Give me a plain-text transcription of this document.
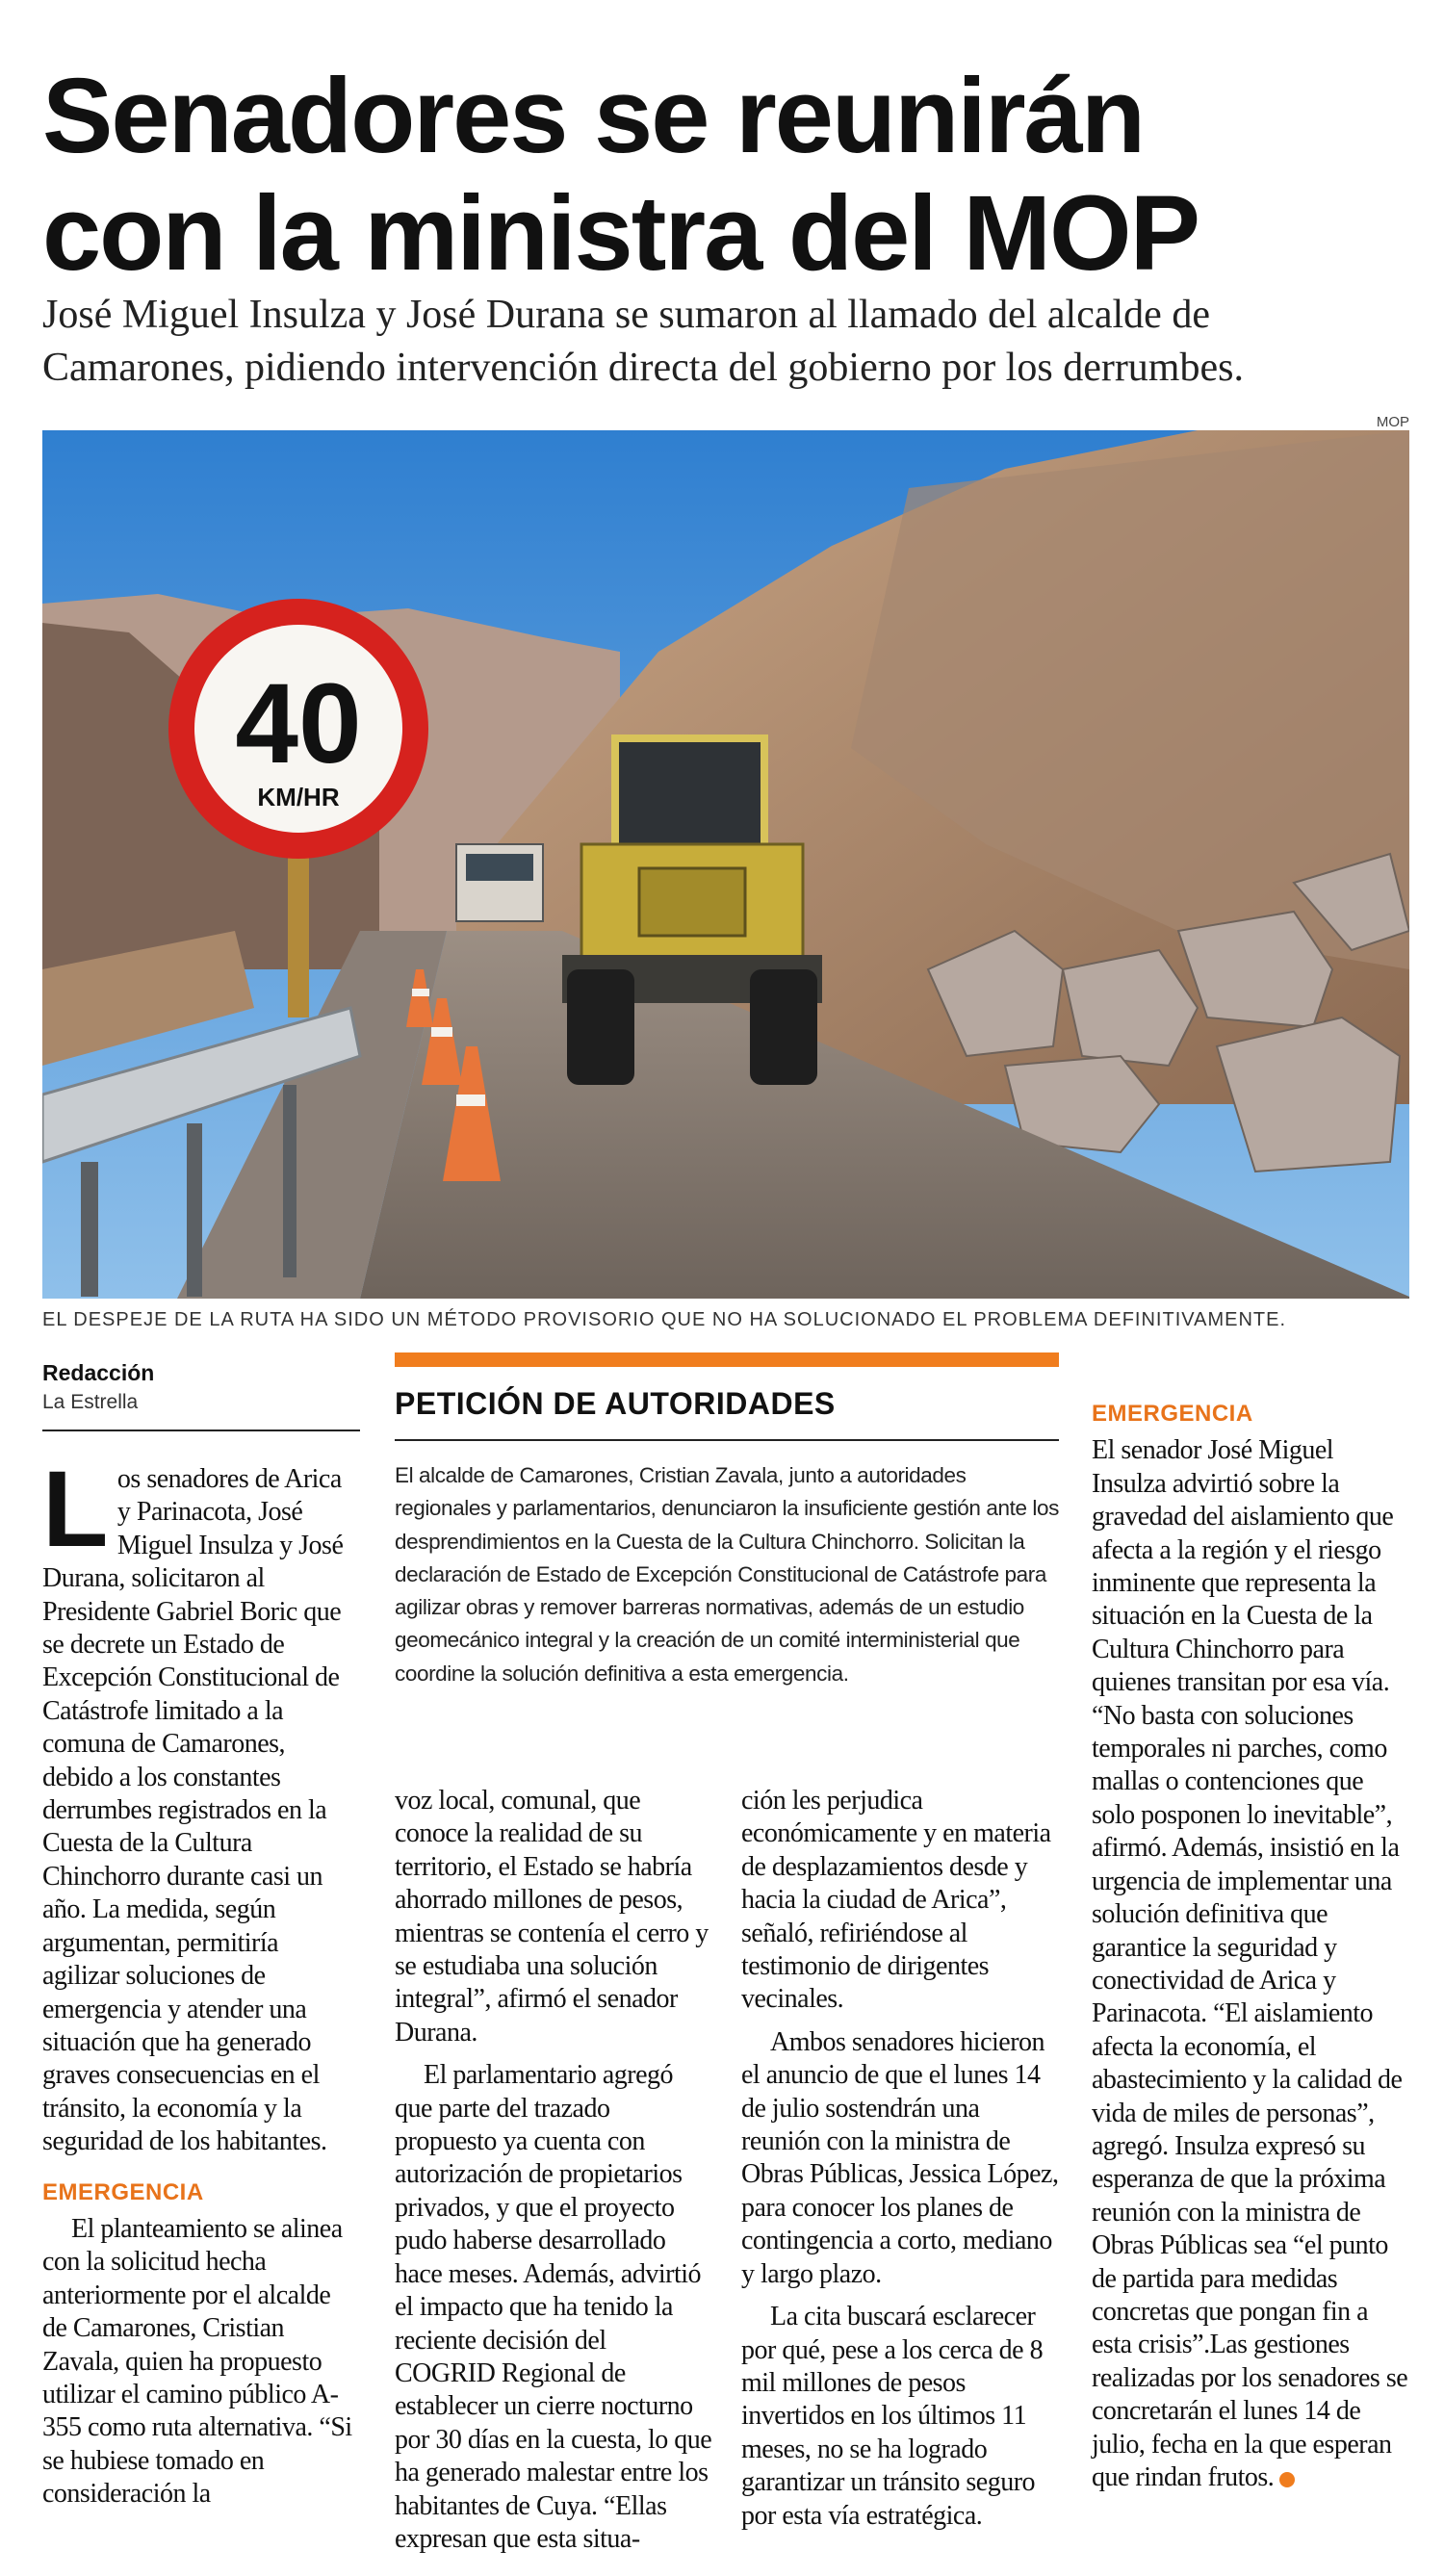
Senadores se reunirán
con la ministra del MOP
José Miguel Insulza y José Durana se sumaron al llamado del alcalde de Camarones, pidiendo intervención directa del gobierno por los derrumbes.
MOP
40
KM/HR
EL DESPEJE DE LA RUTA HA SIDO UN MÉTODO PROVISORIO QUE NO HA SOLUCIONADO EL PROBLEMA DEFINITIVAMENTE.
Redacción
La Estrella	PETICIÓN DE AUTORIDADES
El alcalde de Camarones, Cristian Zavala, junto a autoridades regionales y parlamentarios, denunciaron la insuficiente gestión ante los desprendimientos en la Cuesta de la Cultura Chinchorro. Solicitan la declaración de Estado de Excepción Constitucional de Catástrofe para agilizar obras y remover barreras normativas, además de un estudio geomecánico integral y la creación de un comité interministerial que coordine la solución definitiva a esta emergencia.

Los senadores de Arica y Parinacota, José Miguel Insulza y José Durana, solicitaron al Presidente Gabriel Boric que se decrete un Estado de Excepción Constitucional de Catástrofe limitado a la comuna de Camarones, debido a los constantes derrumbes registrados en la Cuesta de la Cultura Chinchorro durante casi un año. La medida, según argumentan, permitiría agilizar soluciones de emergencia y atender una situación que ha generado graves consecuencias en el tránsito, la economía y la seguridad de los habitantes.

EMERGENCIA

El planteamiento se alinea con la solicitud hecha anteriormente por el alcalde de Camarones, Cristian Zavala, quien ha propuesto utilizar el camino público A-355 como ruta alternativa. “Si se hubiese tomado en consideración la

voz local, comunal, que conoce la realidad de su territorio, el Estado se habría ahorrado millones de pesos, mientras se contenía el cerro y se estudiaba una solución integral”, afirmó el senador Durana.

El parlamentario agregó que parte del trazado propuesto ya cuenta con autorización de propietarios privados, y que el proyecto pudo haberse desarrollado hace meses. Además, advirtió el impacto que ha tenido la reciente decisión del COGRID Regional de establecer un cierre nocturno por 30 días en la cuesta, lo que ha generado malestar entre los habitantes de Cuya. “Ellas expresan que esta situa-

ción les perjudica económicamente y en materia de desplazamientos desde y hacia la ciudad de Arica”, señaló, refiriéndose al testimonio de dirigentes vecinales.

Ambos senadores hicieron el anuncio de que el lunes 14 de julio sostendrán una reunión con la ministra de Obras Públicas, Jessica López, para conocer los planes de contingencia a corto, mediano y largo plazo.

La cita buscará esclarecer por qué, pese a los cerca de 8 mil millones de pesos invertidos en los últimos 11 meses, no se ha logrado garantizar un tránsito seguro por esta vía estratégica.

EMERGENCIA

El senador José Miguel Insulza advirtió sobre la gravedad del aislamiento que afecta a la región y el riesgo inminente que representa la situación en la Cuesta de la Cultura Chinchorro para quienes transitan por esa vía. “No basta con soluciones temporales ni parches, como mallas o contenciones que solo posponen lo inevitable”, afirmó. Además, insistió en la urgencia de implementar una solución definitiva que garantice la seguridad y conectividad de Arica y Parinacota. “El aislamiento afecta la economía, el abastecimiento y la calidad de vida de miles de personas”, agregó. Insulza expresó su esperanza de que la próxima reunión con la ministra de Obras Públicas sea “el punto de partida para medidas concretas que pongan fin a esta crisis”.Las gestiones realizadas por los senadores se concretarán el lunes 14 de julio, fecha en la que esperan que rindan frutos.
